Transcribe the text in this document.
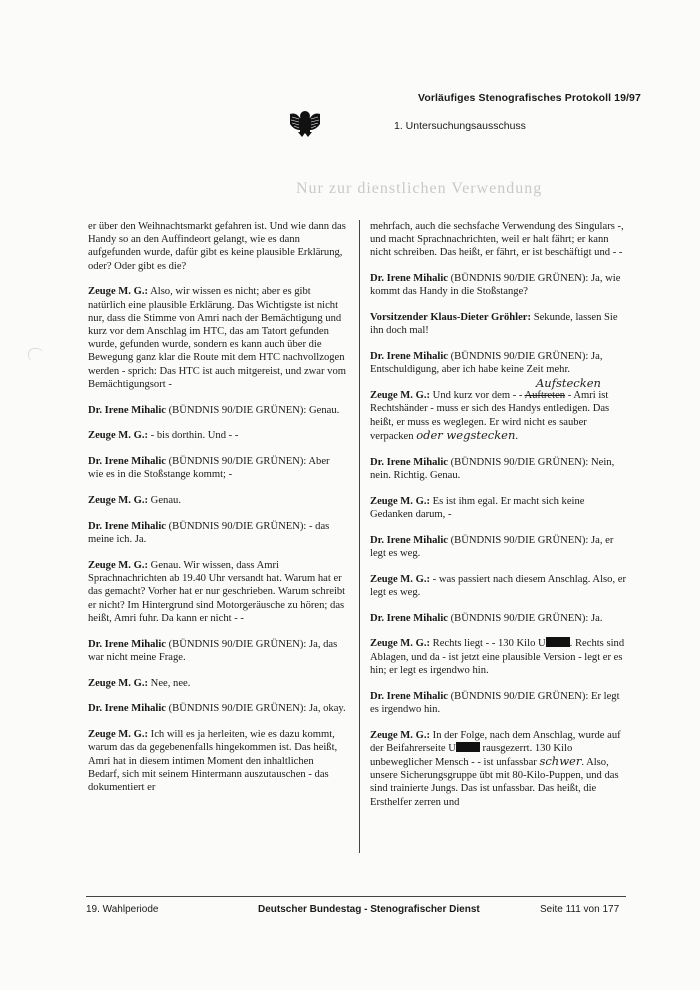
Vorläufiges Stenografisches Protokoll 19/97
1. Untersuchungsausschuss
Nur zur dienstlichen Verwendung

er über den Weihnachtsmarkt gefahren ist. Und wie dann das Handy so an den Auffindeort gelangt, wie es dann aufgefunden wurde, dafür gibt es keine plausible Erklärung, oder? Oder gibt es die?

Zeuge M. G.: Also, wir wissen es nicht; aber es gibt natürlich eine plausible Erklärung. Das Wichtigste ist nicht nur, dass die Stimme von Amri nach der Bemächtigung und kurz vor dem Anschlag im HTC, das am Tatort gefunden wurde, gefunden wurde, sondern es kann auch über die Bewegung ganz klar die Route mit dem HTC nachvollzogen werden - sprich: Das HTC ist auch mitgereist, und zwar vom Bemächtigungsort -

Dr. Irene Mihalic (BÜNDNIS 90/DIE GRÜNEN): Genau.

Zeuge M. G.: - bis dorthin. Und - -

Dr. Irene Mihalic (BÜNDNIS 90/DIE GRÜNEN): Aber wie es in die Stoßstange kommt; -

Zeuge M. G.: Genau.

Dr. Irene Mihalic (BÜNDNIS 90/DIE GRÜNEN): - das meine ich. Ja.

Zeuge M. G.: Genau. Wir wissen, dass Amri Sprachnachrichten ab 19.40 Uhr versandt hat. Warum hat er das gemacht? Vorher hat er nur geschrieben. Warum schreibt er nicht? Im Hintergrund sind Motorgeräusche zu hören; das heißt, Amri fuhr. Da kann er nicht - -

Dr. Irene Mihalic (BÜNDNIS 90/DIE GRÜNEN): Ja, das war nicht meine Frage.

Zeuge M. G.: Nee, nee.

Dr. Irene Mihalic (BÜNDNIS 90/DIE GRÜNEN): Ja, okay.

Zeuge M. G.: Ich will es ja herleiten, wie es dazu kommt, warum das da gegebenenfalls hingekommen ist. Das heißt, Amri hat in diesem intimen Moment den inhaltlichen Bedarf, sich mit seinem Hintermann auszutauschen - das dokumentiert er

mehrfach, auch die sechsfache Verwendung des Singulars -, und macht Sprachnachrichten, weil er halt fährt; er kann nicht schreiben. Das heißt, er fährt, er ist beschäftigt und - -

Dr. Irene Mihalic (BÜNDNIS 90/DIE GRÜNEN): Ja, wie kommt das Handy in die Stoßstange?

Vorsitzender Klaus-Dieter Gröhler: Sekunde, lassen Sie ihn doch mal!

Dr. Irene Mihalic (BÜNDNIS 90/DIE GRÜNEN): Ja, Entschuldigung, aber ich habe keine Zeit mehr.

Aufstecken
Zeuge M. G.: Und kurz vor dem - - Auftreten - Amri ist Rechtshänder - muss er sich des Handys entledigen. Das heißt, er muss es weglegen. Er wird nicht es sauber verpacken oder wegstecken.

Dr. Irene Mihalic (BÜNDNIS 90/DIE GRÜNEN): Nein, nein. Richtig. Genau.

Zeuge M. G.: Es ist ihm egal. Er macht sich keine Gedanken darum, -

Dr. Irene Mihalic (BÜNDNIS 90/DIE GRÜNEN): Ja, er legt es weg.

Zeuge M. G.: - was passiert nach diesem Anschlag. Also, er legt es weg.

Dr. Irene Mihalic (BÜNDNIS 90/DIE GRÜNEN): Ja.

Zeuge M. G.: Rechts liegt - - 130 Kilo U . Rechts sind Ablagen, und da - ist jetzt eine plausible Version - legt er es hin; er legt es irgendwo hin.

Dr. Irene Mihalic (BÜNDNIS 90/DIE GRÜNEN): Er legt es irgendwo hin.

Zeuge M. G.: In der Folge, nach dem Anschlag, wurde auf der Beifahrerseite U rausgezerrt. 130 Kilo unbeweglicher Mensch - - ist unfassbar schwer. Also, unsere Sicherungsgruppe übt mit 80-Kilo-Puppen, und das sind trainierte Jungs. Das ist unfassbar. Das heißt, die Ersthelfer zerren und

19. Wahlperiode	Deutscher Bundestag - Stenografischer Dienst	Seite 111 von 177
